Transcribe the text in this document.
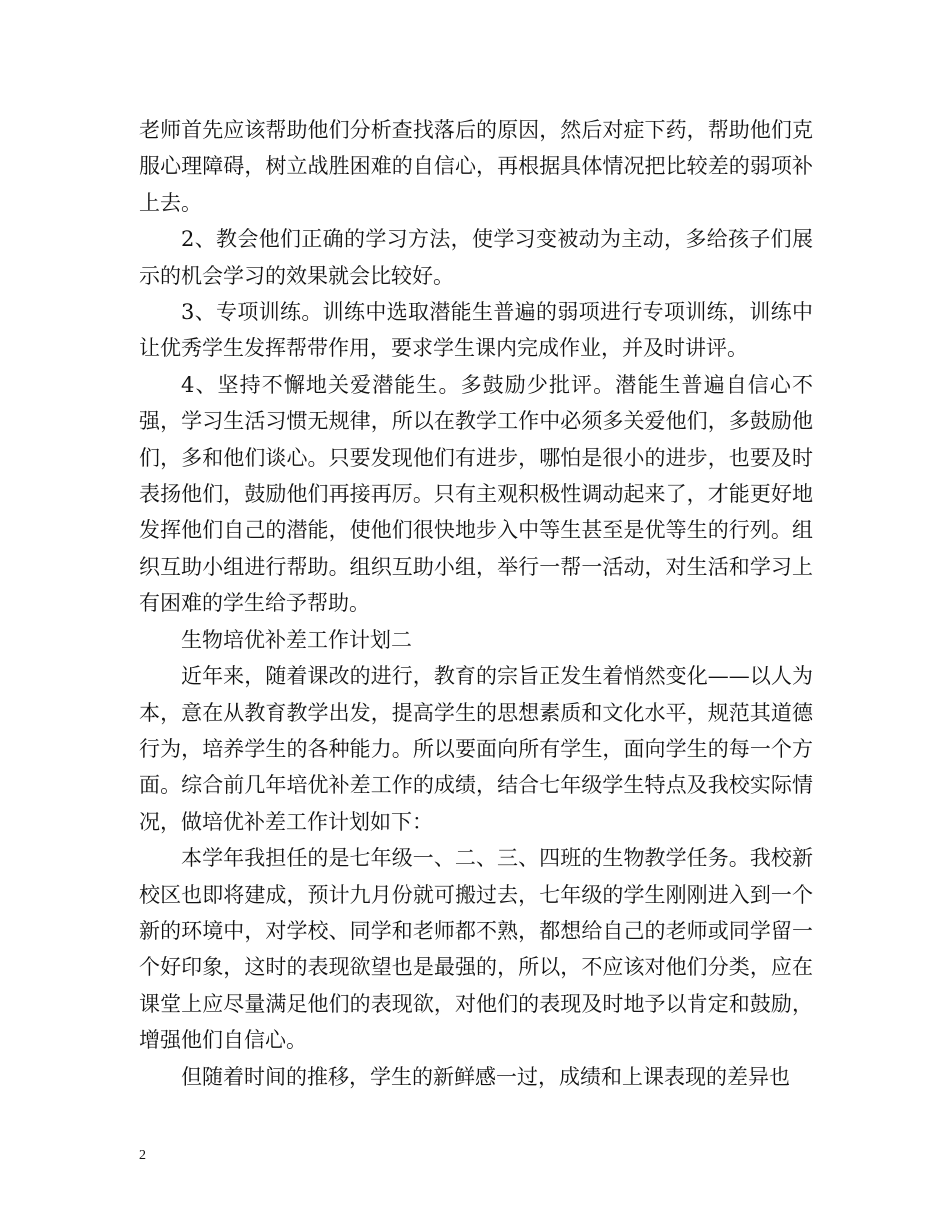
老师首先应该帮助他们分析查找落后的原因，然后对症下药，帮助他们克服心理障碍，树立战胜困难的自信心，再根据具体情况把比较差的弱项补上去。

2、教会他们正确的学习方法，使学习变被动为主动，多给孩子们展示的机会学习的效果就会比较好。

3、专项训练。训练中选取潜能生普遍的弱项进行专项训练，训练中让优秀学生发挥帮带作用，要求学生课内完成作业，并及时讲评。

4、坚持不懈地关爱潜能生。多鼓励少批评。潜能生普遍自信心不强，学习生活习惯无规律，所以在教学工作中必须多关爱他们，多鼓励他们，多和他们谈心。只要发现他们有进步，哪怕是很小的进步，也要及时表扬他们，鼓励他们再接再厉。只有主观积极性调动起来了，才能更好地发挥他们自己的潜能，使他们很快地步入中等生甚至是优等生的行列。组织互助小组进行帮助。组织互助小组，举行一帮一活动，对生活和学习上有困难的学生给予帮助。

生物培优补差工作计划二

近年来，随着课改的进行，教育的宗旨正发生着悄然变化——以人为本，意在从教育教学出发，提高学生的思想素质和文化水平，规范其道德行为，培养学生的各种能力。所以要面向所有学生，面向学生的每一个方面。综合前几年培优补差工作的成绩，结合七年级学生特点及我校实际情况，做培优补差工作计划如下：

本学年我担任的是七年级一、二、三、四班的生物教学任务。我校新校区也即将建成，预计九月份就可搬过去，七年级的学生刚刚进入到一个新的环境中，对学校、同学和老师都不熟，都想给自己的老师或同学留一个好印象，这时的表现欲望也是最强的，所以，不应该对他们分类，应在课堂上应尽量满足他们的表现欲，对他们的表现及时地予以肯定和鼓励，增强他们自信心。

但随着时间的推移，学生的新鲜感一过，成绩和上课表现的差异也

2
